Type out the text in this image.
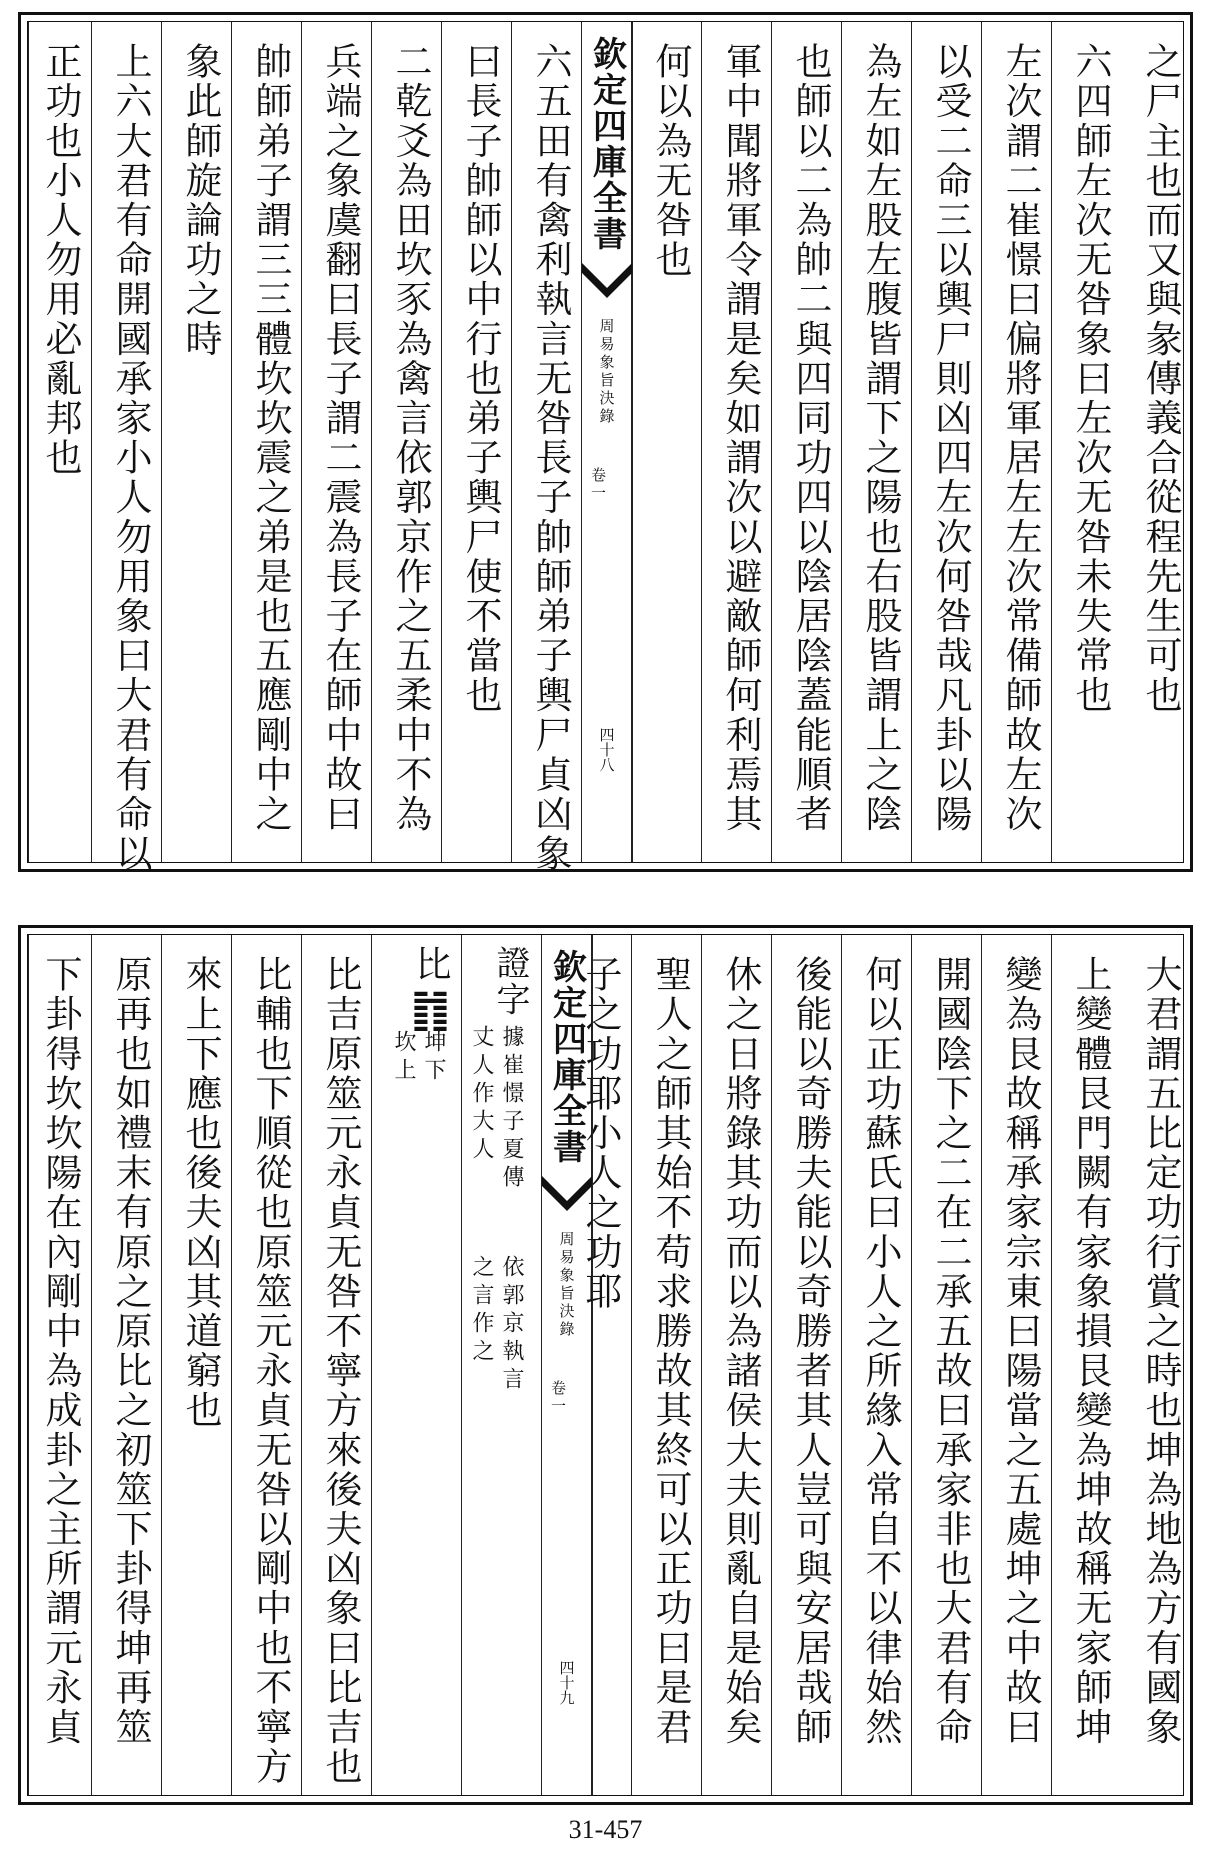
之尸主也而又與彖傳義合從程先生可也
六四師左次无咎象曰左次无咎未失常也
左次謂二崔憬曰偏將軍居左左次常備師故左次
以受二命三以輿尸則凶四左次何咎哉凡卦以陽
為左如左股左腹皆謂下之陽也右股皆謂上之陰
也師以二為帥二與四同功四以陰居陰蓋能順者
軍中聞將軍令謂是矣如謂次以避敵師何利焉其
何以為无咎也
欽定四庫全書
周易象旨決錄
卷一
四十八
六五田有禽利執言无咎長子帥師弟子輿尸貞凶象
曰長子帥師以中行也弟子輿尸使不當也
二乾爻為田坎豕為禽言依郭京作之五柔中不為
兵端之象虞翻曰長子謂二震為長子在師中故曰
帥師弟子謂三三體坎坎震之弟是也五應剛中之
象此師旋論功之時
上六大君有命開國承家小人勿用象曰大君有命以
正功也小人勿用必亂邦也
大君謂五比定功行賞之時也坤為地為方有國象
上變體艮門闕有家象損艮變為坤故稱无家師坤
變為艮故稱承家宗東曰陽當之五處坤之中故曰
開國陰下之二在二承五故曰承家非也大君有命
何以正功蘇氏曰小人之所緣入常自不以律始然
後能以奇勝夫能以奇勝者其人豈可與安居哉師
休之日將錄其功而以為諸侯大夫則亂自是始矣
聖人之師其始不苟求勝故其終可以正功曰是君
子之功耶小人之功耶
欽定四庫全書
周易象旨決錄
卷一
四十九
證字
據崔憬子夏傳
丈人作大人
依郭京執言
之言作之
比䷇
坤下
坎上
比吉原筮元永貞无咎不寧方來後夫凶象曰比吉也
比輔也下順從也原筮元永貞无咎以剛中也不寧方
來上下應也後夫凶其道窮也
原再也如禮末有原之原比之初筮下卦得坤再筮
下卦得坎坎陽在內剛中為成卦之主所謂元永貞
31-457
